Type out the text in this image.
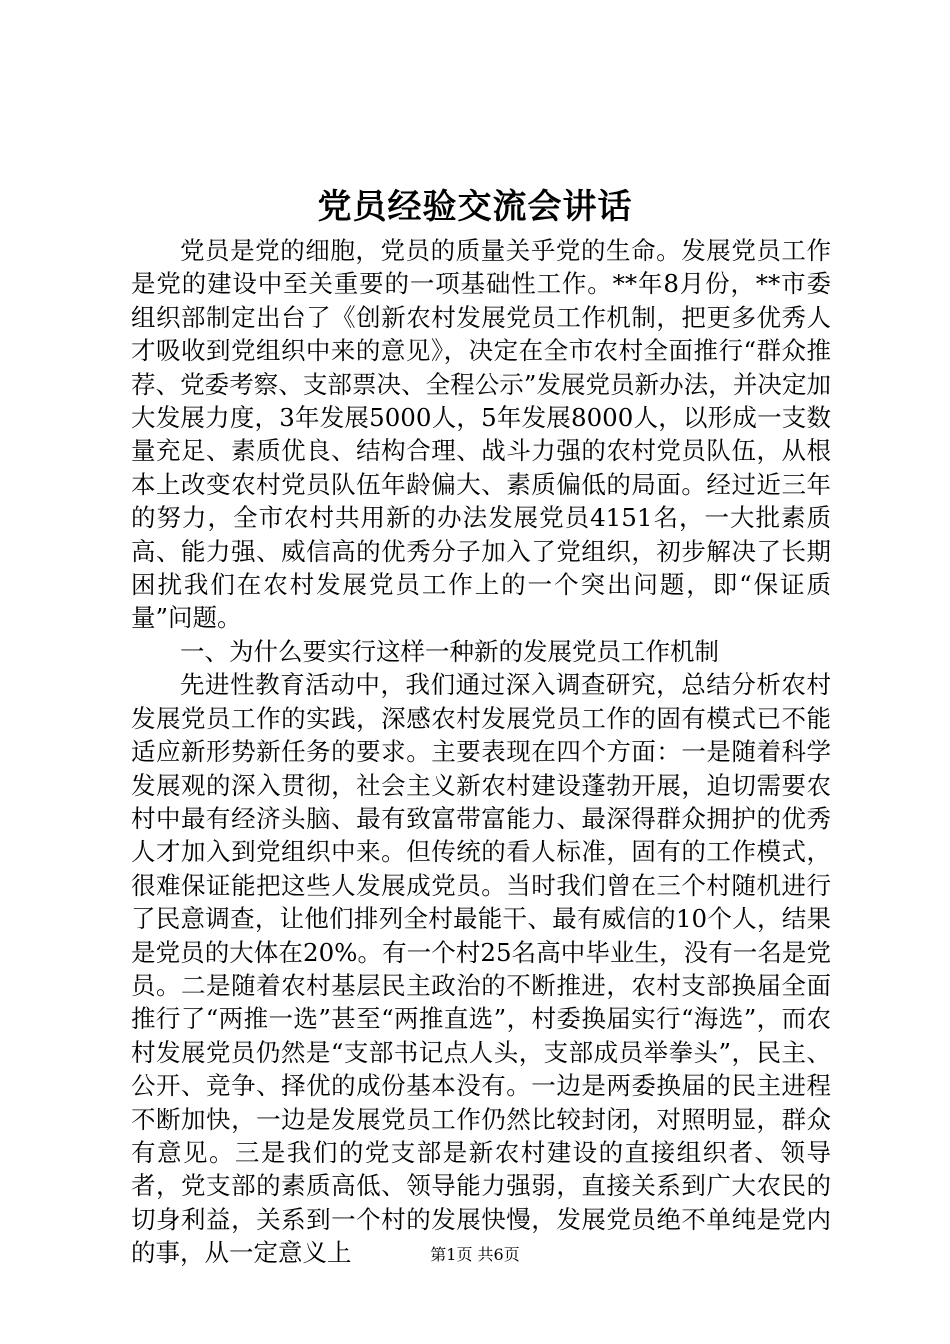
党员经验交流会讲话

党员是党的细胞，党员的质量关乎党的生命。发展党员工作是党的建设中至关重要的一项基础性工作。**年8月份，**市委组织部制定出台了《创新农村发展党员工作机制，把更多优秀人才吸收到党组织中来的意见》，决定在全市农村全面推行“群众推荐、党委考察、支部票决、全程公示”发展党员新办法，并决定加大发展力度，3年发展5000人，5年发展8000人，以形成一支数量充足、素质优良、结构合理、战斗力强的农村党员队伍，从根本上改变农村党员队伍年龄偏大、素质偏低的局面。经过近三年的努力，全市农村共用新的办法发展党员4151名，一大批素质高、能力强、威信高的优秀分子加入了党组织，初步解决了长期困扰我们在农村发展党员工作上的一个突出问题，即“保证质量”问题。

一、为什么要实行这样一种新的发展党员工作机制

先进性教育活动中，我们通过深入调查研究，总结分析农村发展党员工作的实践，深感农村发展党员工作的固有模式已不能适应新形势新任务的要求。主要表现在四个方面：一是随着科学发展观的深入贯彻，社会主义新农村建设蓬勃开展，迫切需要农村中最有经济头脑、最有致富带富能力、最深得群众拥护的优秀人才加入到党组织中来。但传统的看人标准，固有的工作模式，很难保证能把这些人发展成党员。当时我们曾在三个村随机进行了民意调查，让他们排列全村最能干、最有威信的10个人，结果是党员的大体在20%。有一个村25名高中毕业生，没有一名是党员。二是随着农村基层民主政治的不断推进，农村支部换届全面推行了“两推一选”甚至“两推直选”，村委换届实行“海选”，而农村发展党员仍然是“支部书记点人头，支部成员举拳头”，民主、公开、竞争、择优的成份基本没有。一边是两委换届的民主进程不断加快，一边是发展党员工作仍然比较封闭，对照明显，群众有意见。三是我们的党支部是新农村建设的直接组织者、领导者，党支部的素质高低、领导能力强弱，直接关系到广大农民的切身利益，关系到一个村的发展快慢，发展党员绝不单纯是党内的事，从一定意义上	第1页 共6页
